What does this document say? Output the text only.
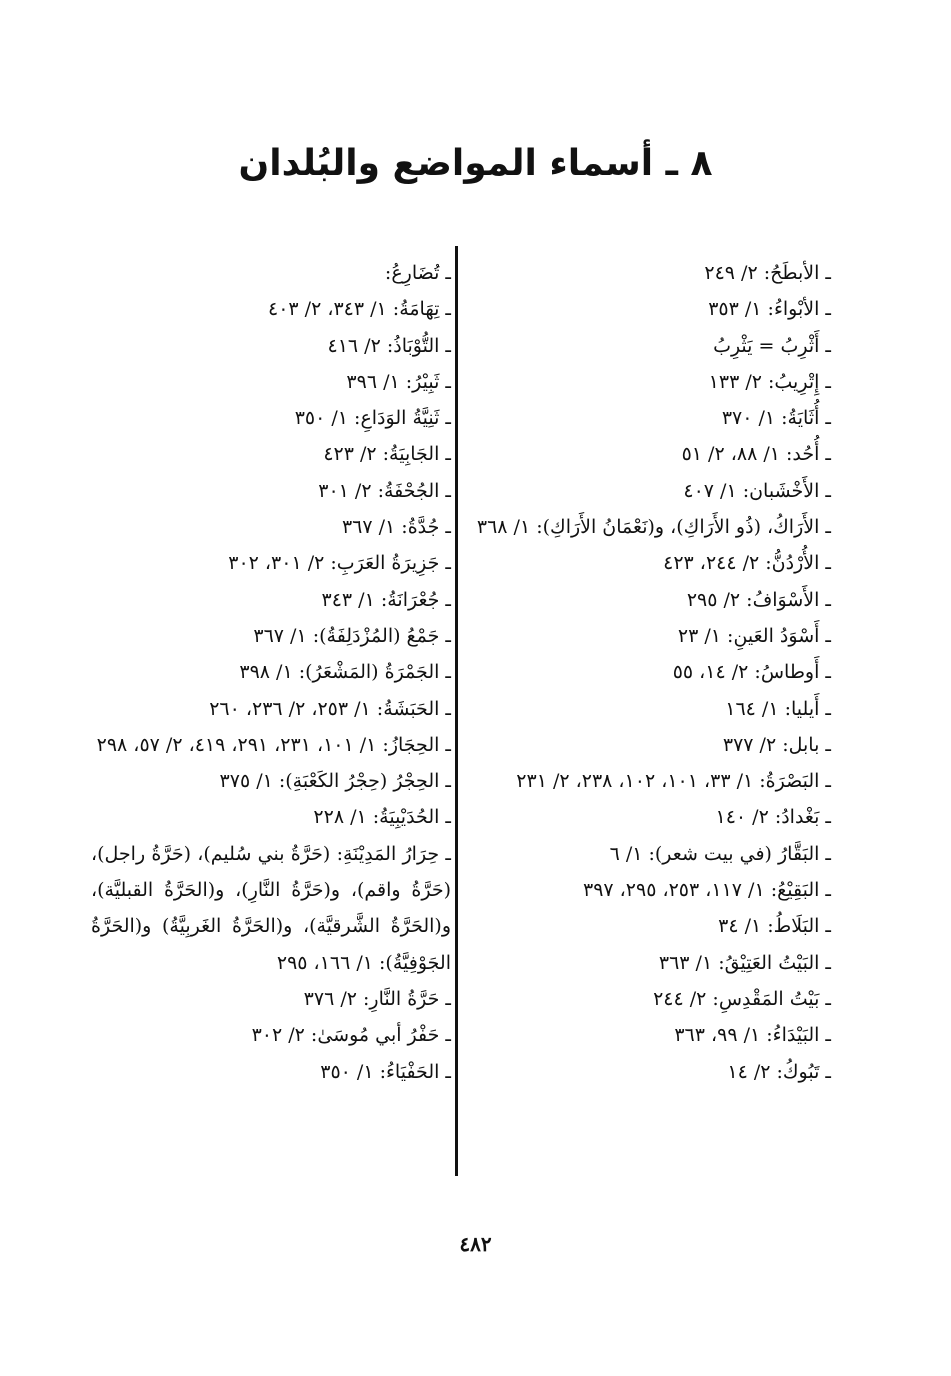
٨ ـ أسماء المواضع والبُلدان
ـ الأبطَحُ: ٢/ ٢٤٩
ـ الأبْواءُ: ١/ ٣٥٣
ـ أَثْرِبُ = يَثْرِبُ
ـ إِتْرِيبُ: ٢/ ١٣٣
ـ أُثَايَةُ: ١/ ٣٧٠
ـ أُحُد: ١/ ٨٨، ٢/ ٥١
ـ الأَخْشَبان: ١/ ٤٠٧
ـ الأَرَاكُ، (ذُو الأَرَاكِ)، و(نَعْمَانُ الأَرَاكِ): ١/ ٣٦٨
ـ الأُرْدُنُّ: ٢/ ٢٤٤، ٤٢٣
ـ الأَسْوَافُ: ٢/ ٢٩٥
ـ أَسْوَدُ العَينِ: ١/ ٢٣
ـ أَوطاسُ: ٢/ ١٤، ٥٥
ـ أَيليا: ١/ ١٦٤
ـ بابل: ٢/ ٣٧٧
ـ البَصْرَةُ: ١/ ٣٣، ١٠١، ١٠٢، ٢٣٨، ٢/ ٢٣١
ـ بَغْدادُ: ٢/ ١٤٠
ـ البَقَّارُ (في بيت شعر): ١/ ٦
ـ البَقِيْعُ: ١/ ١١٧، ٢٥٣، ٢٩٥، ٣٩٧
ـ البَلَاطُ: ١/ ٣٤
ـ البَيْتُ العَتِيْقُ: ١/ ٣٦٣
ـ بَيْتُ المَقْدِسِ: ٢/ ٢٤٤
ـ البَيْدَاءُ: ١/ ٩٩، ٣٦٣
ـ تَبُوكُ: ٢/ ١٤
ـ تُضَارِعُ:
ـ تِهَامَةُ: ١/ ٣٤٣، ٢/ ٤٠٣
ـ التُّوْبَاذُ: ٢/ ٤١٦
ـ ثَبِيْرُ: ١/ ٣٩٦
ـ ثَنِيَّةُ الوَدَاعِ: ١/ ٣٥٠
ـ الجَابِيَةُ: ٢/ ٤٢٣
ـ الجُحْفَةُ: ٢/ ٣٠١
ـ جُدَّةُ: ١/ ٣٦٧
ـ جَزِيرَةُ العَرَبِ: ٢/ ٣٠١، ٣٠٢
ـ جُعْرَانَةُ: ١/ ٣٤٣
ـ جَمْعُ (المُزْدَلِفَةُ): ١/ ٣٦٧
ـ الجَمْرَةُ (المَشْعَرُ): ١/ ٣٩٨
ـ الحَبَشَةُ: ١/ ٢٥٣، ٢/ ٢٣٦، ٢٦٠
ـ الحِجَازُ: ١/ ١٠١، ٢٣١، ٢٩١، ٤١٩، ٢/ ٥٧، ٢٩٨
ـ الحِجْرُ (حِجْرُ الكَعْبَةِ): ١/ ٣٧٥
ـ الحُدَيْبِيَةُ: ١/ ٢٢٨
ـ حِرَارُ المَدِيْنَةِ: (حَرَّةُ بني سُليم)، (حَرَّةُ راجل)، (حَرَّةُ واقم)، و(حَرَّةُ النَّارِ)، و(الحَرَّةُ القبليَّة)، و(الحَرَّةُ الشَّرقيَّة)، و(الحَرَّةُ الغَربِيَّةُ) و(الحَرَّةُ الجَوْفِيَّةُ): ١/ ١٦٦، ٢٩٥
ـ حَرَّةُ النَّارِ: ٢/ ٣٧٦
ـ حَفْرُ أبي مُوسَىٰ: ٢/ ٣٠٢
ـ الحَفْيَاءُ: ١/ ٣٥٠
٤٨٢
